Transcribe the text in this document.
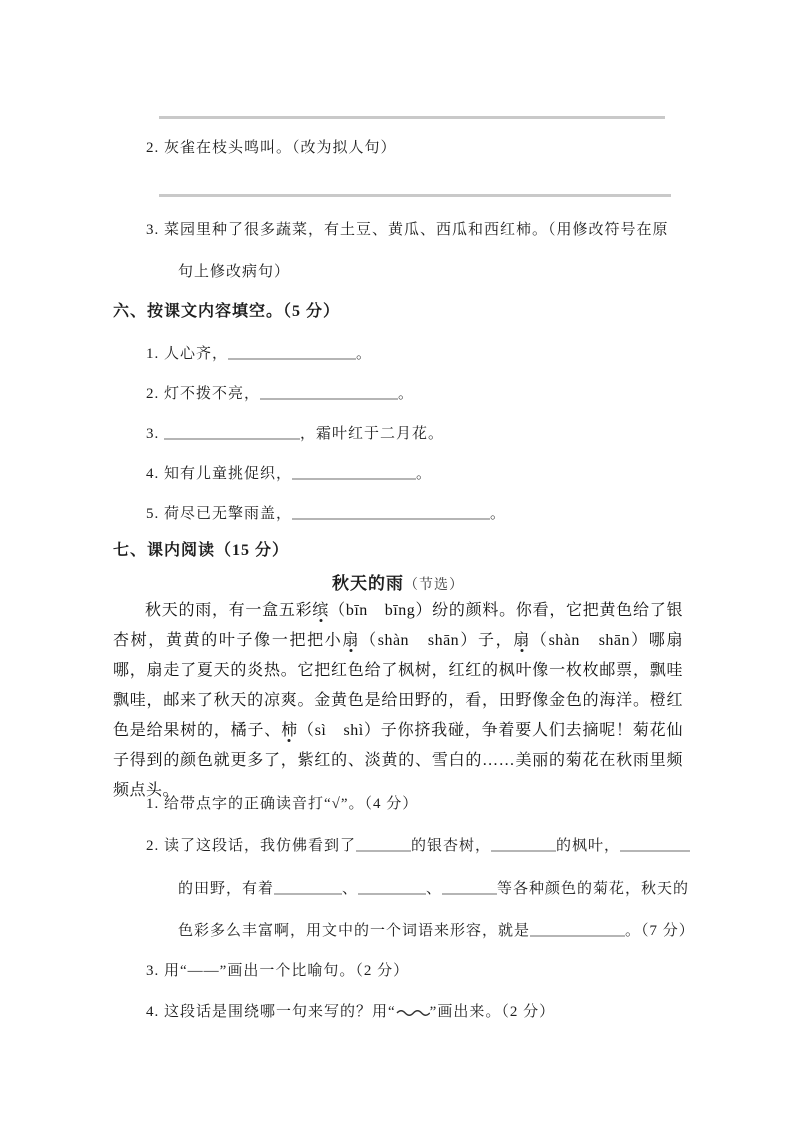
2. 灰雀在枝头鸣叫。（改为拟人句）
3. 菜园里种了很多蔬菜，有土豆、黄瓜、西瓜和西红柿。（用修改符号在原
句上修改病句）
六、按课文内容填空。（5 分）
1. 人心齐，	。
2. 灯不拨不亮，	。
3.	，霜叶红于二月花。
4. 知有儿童挑促织，	。
5. 荷尽已无擎雨盖，	。
七、课内阅读（15 分）
秋天的雨（节选）
秋天的雨，有一盒五彩缤（bīn　bīng）纷的颜料。你看，它把黄色给了银杏树，黄黄的叶子像一把把小扇（shàn　shān）子，扇（shàn　shān）哪扇哪，扇走了夏天的炎热。它把红色给了枫树，红红的枫叶像一枚枚邮票，飘哇飘哇，邮来了秋天的凉爽。金黄色是给田野的，看，田野像金色的海洋。橙红色是给果树的，橘子、柿（sì　shì）子你挤我碰，争着要人们去摘呢！菊花仙子得到的颜色就更多了，紫红的、淡黄的、雪白的……美丽的菊花在秋雨里频频点头。
1. 给带点字的正确读音打“√”。（4 分）
2. 读了这段话，我仿佛看到了	的银杏树，	的枫叶，
的田野，有着	、	、	等各种颜色的菊花，秋天的
色彩多么丰富啊，用文中的一个词语来形容，就是	。（7 分）
3. 用“——”画出一个比喻句。（2 分）
4. 这段话是围绕哪一句来写的？用“ ”画出来。（2 分）
